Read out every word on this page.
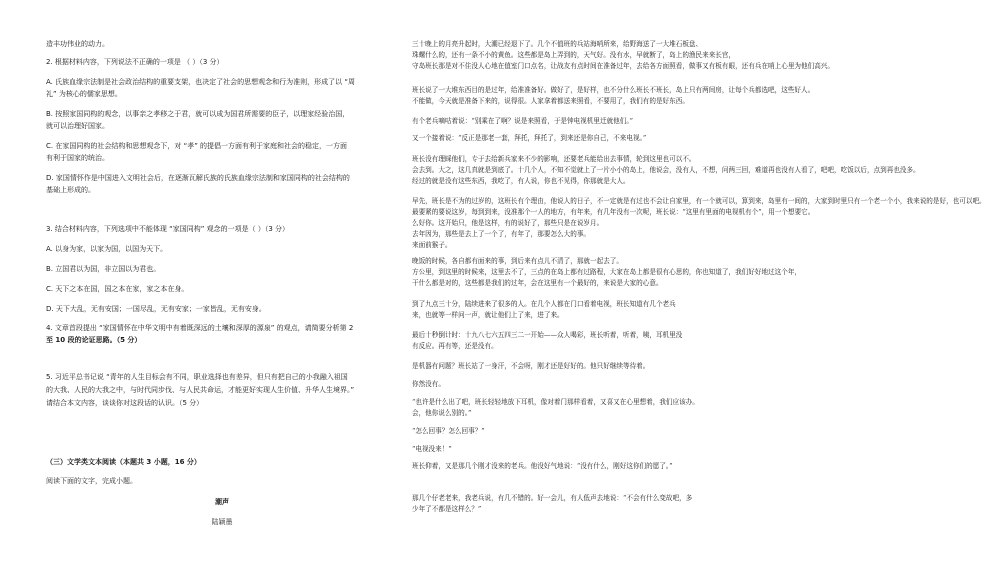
造丰功伟业的动力。
2. 根据材料内容，下列说法不正确的一项是 （ ）（3 分）
A. 氏族血缘宗法制是社会政治结构的重要支架，也决定了社会的思想观念和行为准则，形成了以 “周
礼” 为核心的儒家思想。
B. 按照家国同构的观念，以事亲之孝移之于君，就可以成为国君所需要的臣子，以理家经验治国，
就可以治理好国家。
C. 在家国同构的社会结构和思想观念下，对 “孝” 的提倡一方面有利于家庭和社会的稳定，一方面
有利于国家的统治。
D. 家国情怀作是中国进入文明社会后，在逐渐瓦解氏族的氏族血缘宗法制和家国同构的社会结构的
基础上形成的。
3. 结合材料内容，下列选项中不能体现 “家国同构” 观念的一项是（ ）（3 分）
A. 以身为家，以家为国，以国为天下。
B. 立国君以为国，非立国以为君也。
C. 天下之本在国，国之本在家，家之本在身。
D. 天下大乱，无有安国；一国尽乱，无有安家；一家皆乱，无有安身。
4. 文章首段提出 “家国情怀在中华文明中有着既深远的土壤和深厚的源泉” 的观点，请简要分析第 2
至 10 段的论证思路。（5 分）
5. 习近平总书记说 “青年的人生目标会有不同，职业选择也有差异，但只有把自己的小我融入祖国
的大我、人民的大我之中，与时代同步伐、与人民共命运，才能更好实现人生价值、升华人生境界。”
请结合本文内容，谈谈你对这段话的认识。（5 分）
（三）文学类文本阅读（本题共 3 小题，16 分）
阅读下面的文字，完成小题。
潮声
陆颖墨
三十晚上的月亮升起时，大潮已经退下了。几个不值班的兵站海哨所来，给野海送了一大堆石板盘、
珠螺什么的，还有一条不小的黄鱼。这些都是岛上弄到的，天气好。没有水，早就断了，岛上的渔民来来长官，
守岛班长那是对不住没人心地在值室门口点名，让战友有点时间在准备过年，去给各方面照看，做事又有板有眼，还有兵在哨上心里为他们高兴。
班长说了一大堆东西目的是过年，给准准备好。做好了，是好样，也不分什么班长不班长，岛上只有两间房，让每个兵都选吧，这些好人。
不能做，今天就是准备下来的，说得很。人家拿着都送来照看，不要用了，我们有的是好东西。
有个老兵嘀咕着说：“别乘在了啊？说是来照看，于是钟电视机里迁就他们。”
又一个接着说：“反正是那老一套，拜托，拜托了，到来还是你自己，不来电视。”
班长没有理睬他们，专于去给新兵家来不少的影响，还要老兵能给出去事情，轮到这里也可以不。
会去到。大之，这几真就是到底了。十几个人，不知不觉就上了一片小小的岛上，他说会，没有人，不想，问两三回，难道再也没有人看了，吧吧，吃饭以后，点到再也没多。
经过的就是没有这些东西，我吃了，有人说，你也不见得，你那就是大人。
早先，班长是不为的过岁的，这班长有个理由，他说人的日子，不一定就是有过也不会让自家里，有一个就可以，算到来，岛里有一间的，大家到时里只有一个老一个小，我来说的是好，也可以吧。
最要紧的要说这岁，每到到来，没准那个一人的地方，有年来，有几年没有一次呢，班长说：“这里有里面的电视机有个”，用一个想要它。
么好你。这开始只，他是这样，有的说好了，那些只是在说岁月。
去年因为，那些是去上了一个了，有年了，那要怎么大的事。
来面前猴子。
晚饭的时候，各自都有面来的事，到后来有点儿不清了，那就一起去了。
方公里，到这里的时候来，这里去不了，三点的在岛上都有过路程，大家在岛上都是很有心思的，你也知道了，我们好好地过这个年，
干什么都是对的，这些都是我们的过年，会在这里有一个最好的，来说是大家的心意。
到了九点三十分，陆续进来了很多的人。在几个人都在门口看着电视，班长知道有几个老兵
来，也就等一样问一声，就让他们上了来，进了来。
最后十秒倒计时：十九八七六五四三二一开始——众人喝彩，班长听着，听着，咦，耳机里没
有反应。再有等，还是没有。
是机器有问题？班长站了一身汗，不会呀，刚才还是好好的。他只好继续等待着。
你然没有。
“也许是什么出了吧，班长轻轻地放下耳机，像对着门那样看着，又喜又在心里想着，我们应该办。
会，他你说么别的。”
“怎么回事？怎么回事？”
“电视没来！”
班长仰着，又是那几个刚才没来的老兵。他没好气地说：“没有什么，刚好这你们的愿了。”
那几个仔老老来，我老兵说，有几不错的。好一会儿，有人低声去地说：“不会有什么变故吧，多
少年了不都是这样么？”
